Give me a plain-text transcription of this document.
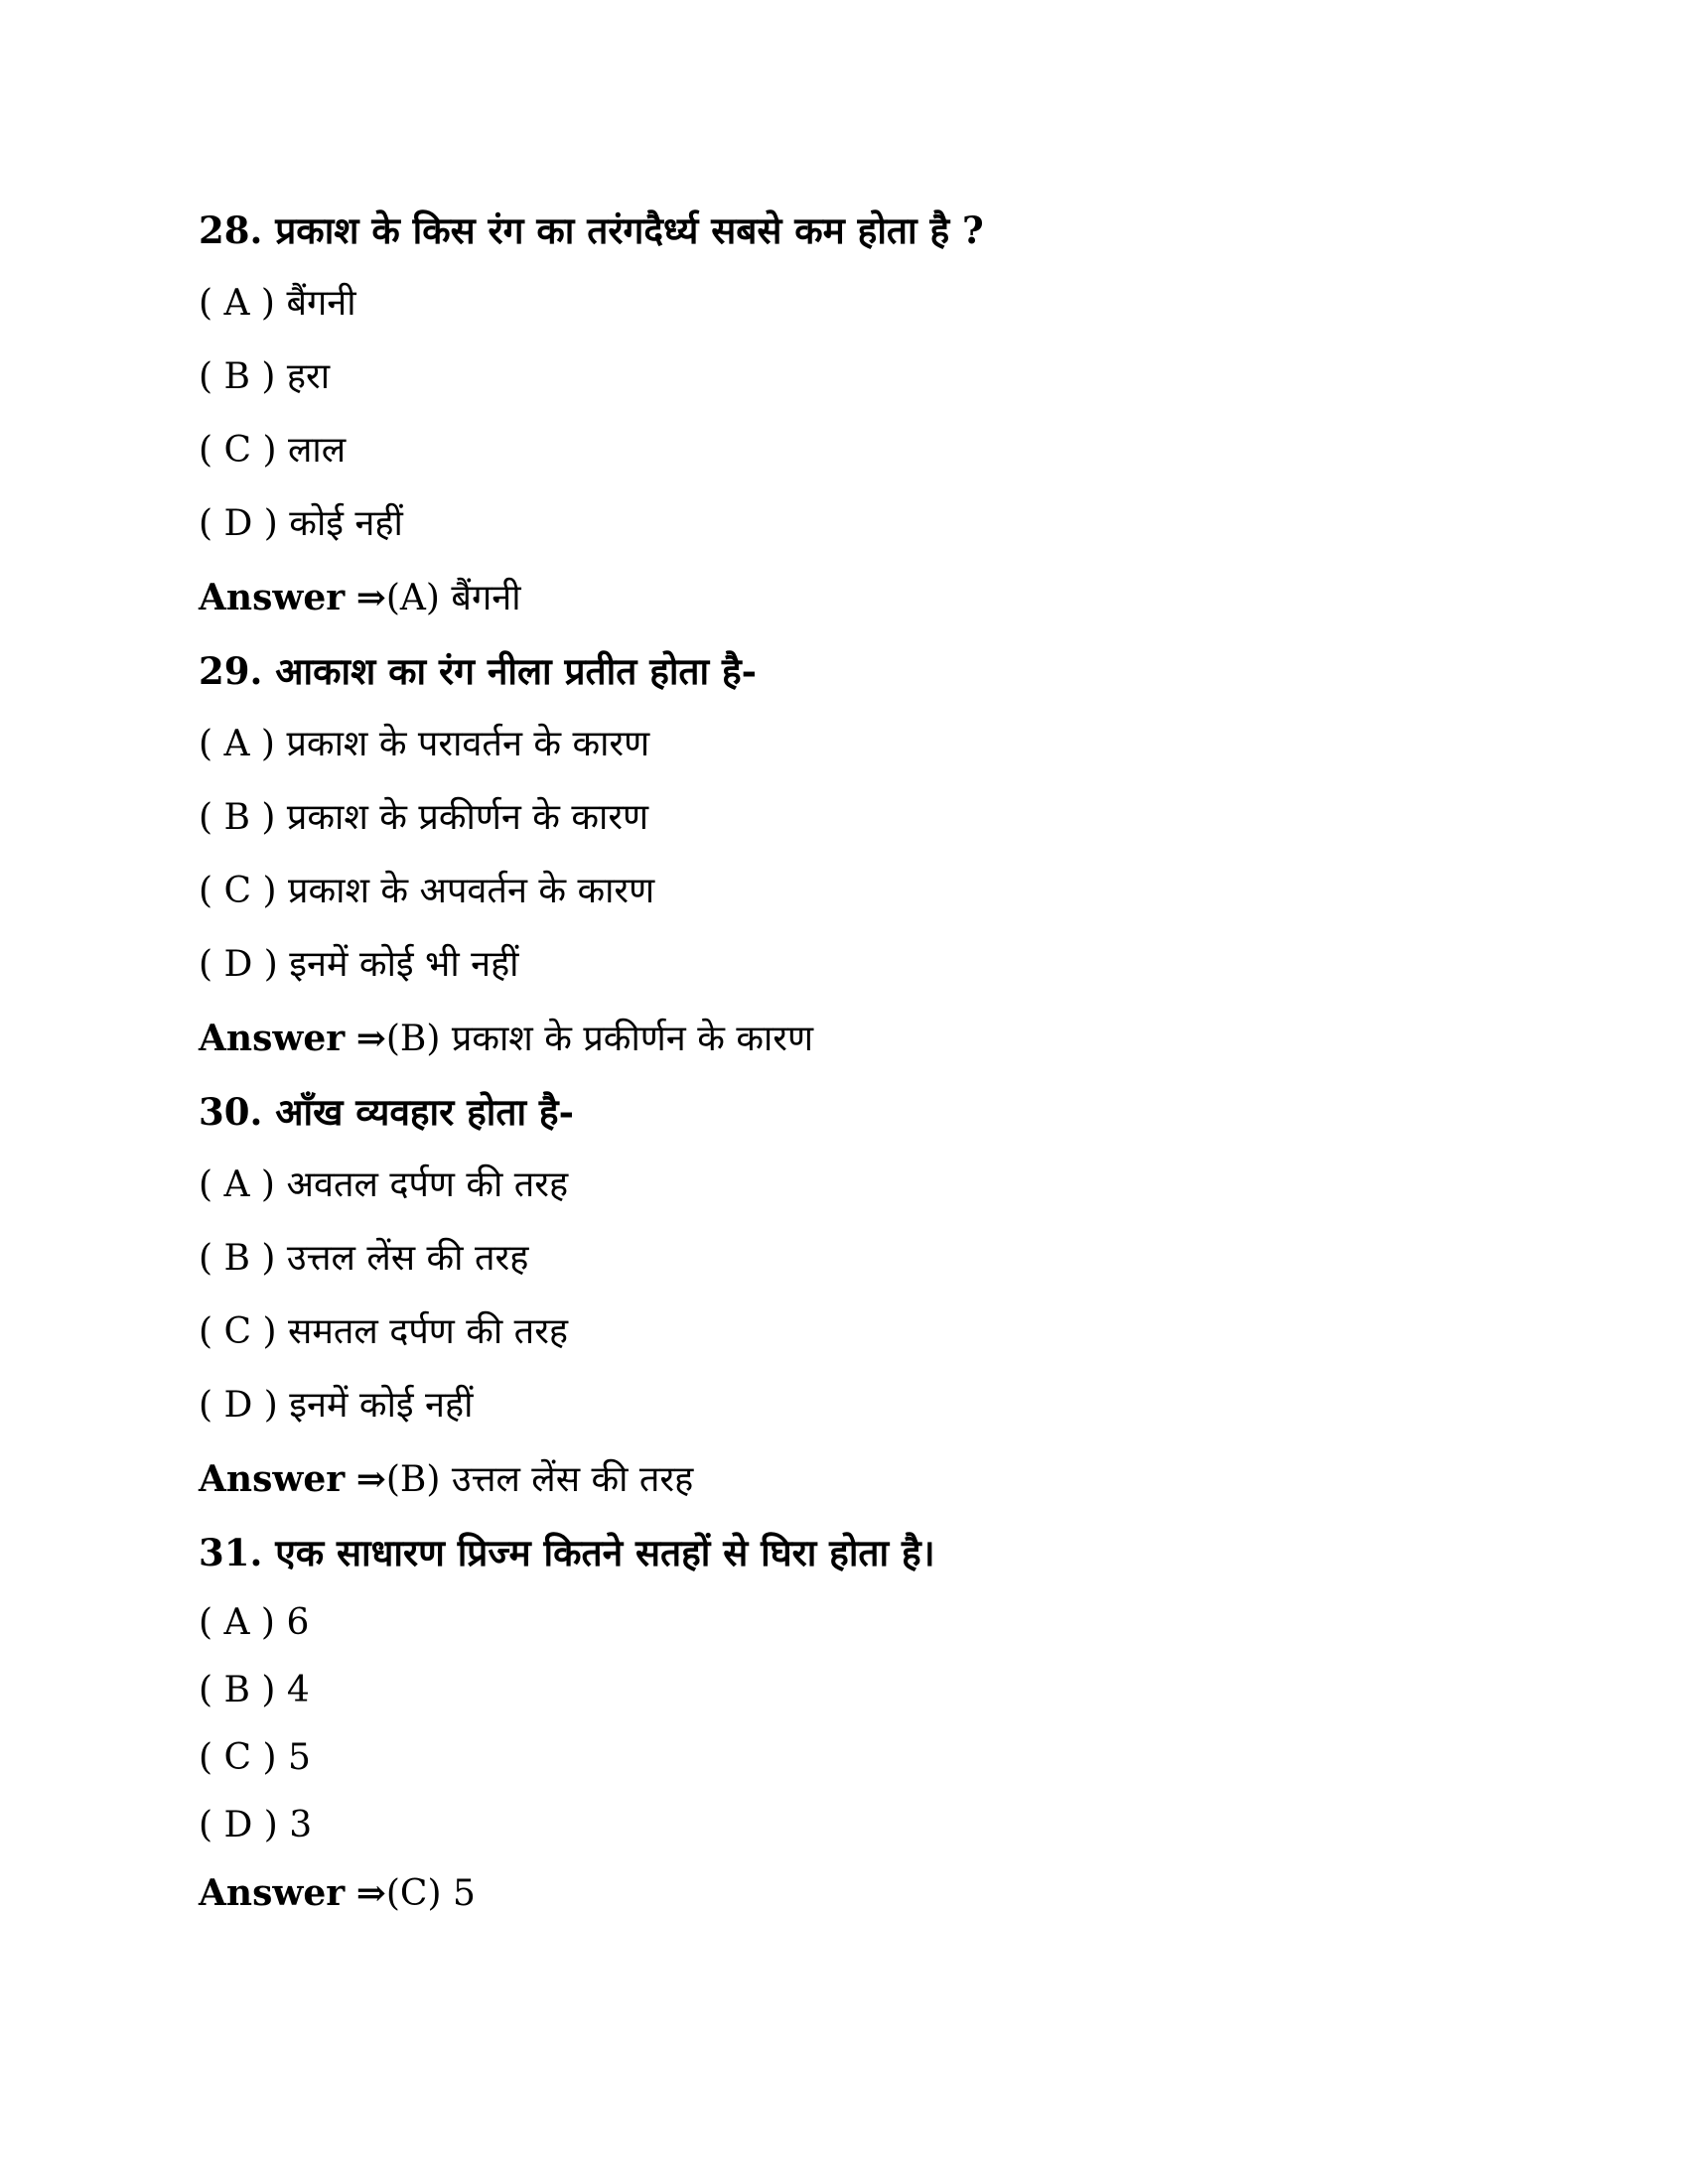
28. प्रकाश के किस रंग का तरंगदैर्ध्य सबसे कम होता है ?
( A ) बैंगनी
( B ) हरा
( C ) लाल
( D ) कोई नहीं
Answer ⇒(A) बैंगनी
29. आकाश का रंग नीला प्रतीत होता है-
( A ) प्रकाश के परावर्तन के कारण
( B ) प्रकाश के प्रकीर्णन के कारण
( C ) प्रकाश के अपवर्तन के कारण
( D ) इनमें कोई भी नहीं
Answer ⇒(B) प्रकाश के प्रकीर्णन के कारण
30. आँख व्यवहार होता है-
( A ) अवतल दर्पण की तरह
( B ) उत्तल लेंस की तरह
( C ) समतल दर्पण की तरह
( D ) इनमें कोई नहीं
Answer ⇒(B) उत्तल लेंस की तरह
31. एक साधारण प्रिज्म कितने सतहों से घिरा होता है।
( A ) 6
( B ) 4
( C ) 5
( D ) 3
Answer ⇒(C) 5
